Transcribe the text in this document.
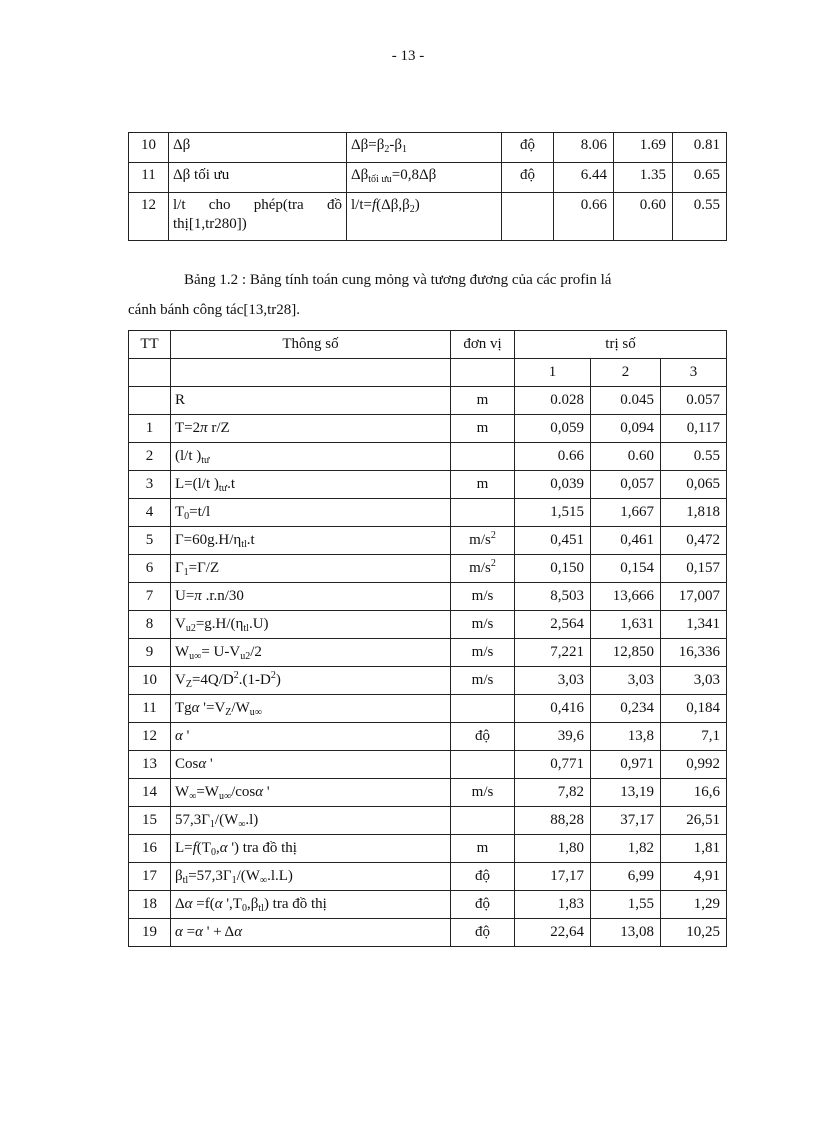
- 13 -
10	Δβ	$\Delta\beta=\beta_2-\beta_1$	độ	8.06	1.69	0.81
11	Δβ tối ưu	$\Delta\beta_{tối ưu}=0,8\Delta\beta$	độ	6.44	1.35	0.65
12	l/t cho phép(tra đồ
thị[1,tr280])	$l/t=f(\Delta\beta,\beta_2)$		0.66	0.60	0.55
Bảng 1.2 : Bảng tính toán cung mỏng và tương đương của các profin lá
cánh bánh công tác[13,tr28].
TT	Thông số	đơn vị	trị số		
			1	2	3
	R	m	0.028	0.045	0.057
1	T=2π r/Z	m	0,059	0,094	0,117
2	(l/t )$_{tư}$		0.66	0.60	0.55
3	L=(l/t )$_{tư}.t$	m	0,039	0,057	0,065
4	$T_0=t/l$		1,515	1,667	1,818
5	$\Gamma=60g.H/\eta_{tl}.t$	$m/s^2$	0,451	0,461	0,472
6	$\Gamma_1=\Gamma/Z$	$m/s^2$	0,150	0,154	0,157
7	U=π .r.n/30	m/s	8,503	13,666	17,007
8	$V_{u2}=g.H/(\eta_{tl}.U)$	m/s	2,564	1,631	1,341
9	$W_{u\infty}= U-V_{u2}/2$	m/s	7,221	12,850	16,336
10	$V_Z=4Q/D^2.(1-D^2)$	m/s	3,03	3,03	3,03
11	Tgα '$=V_Z/W_{u\infty}$		0,416	0,234	0,184
12	α '	độ	39,6	13,8	7,1
13	Cosα '		0,771	0,971	0,992
14	$W_\infty=W_{u\infty}$/cosα '	m/s	7,82	13,19	16,6
15	$57,3\Gamma_1/(W_\infty.l)$		88,28	37,17	26,51
16	$L=f(T_0,\alpha$ ') tra đồ thị	m	1,80	1,82	1,81
17	$\beta_{tl}=57,3\Gamma_1/(W_\infty.l.L)$	độ	17,17	6,99	4,91
18	Δα =f(α '$,T_0,\beta_{tl}$) tra đồ thị	độ	1,83	1,55	1,29
19	α =α ' + Δα	độ	22,64	13,08	10,25
